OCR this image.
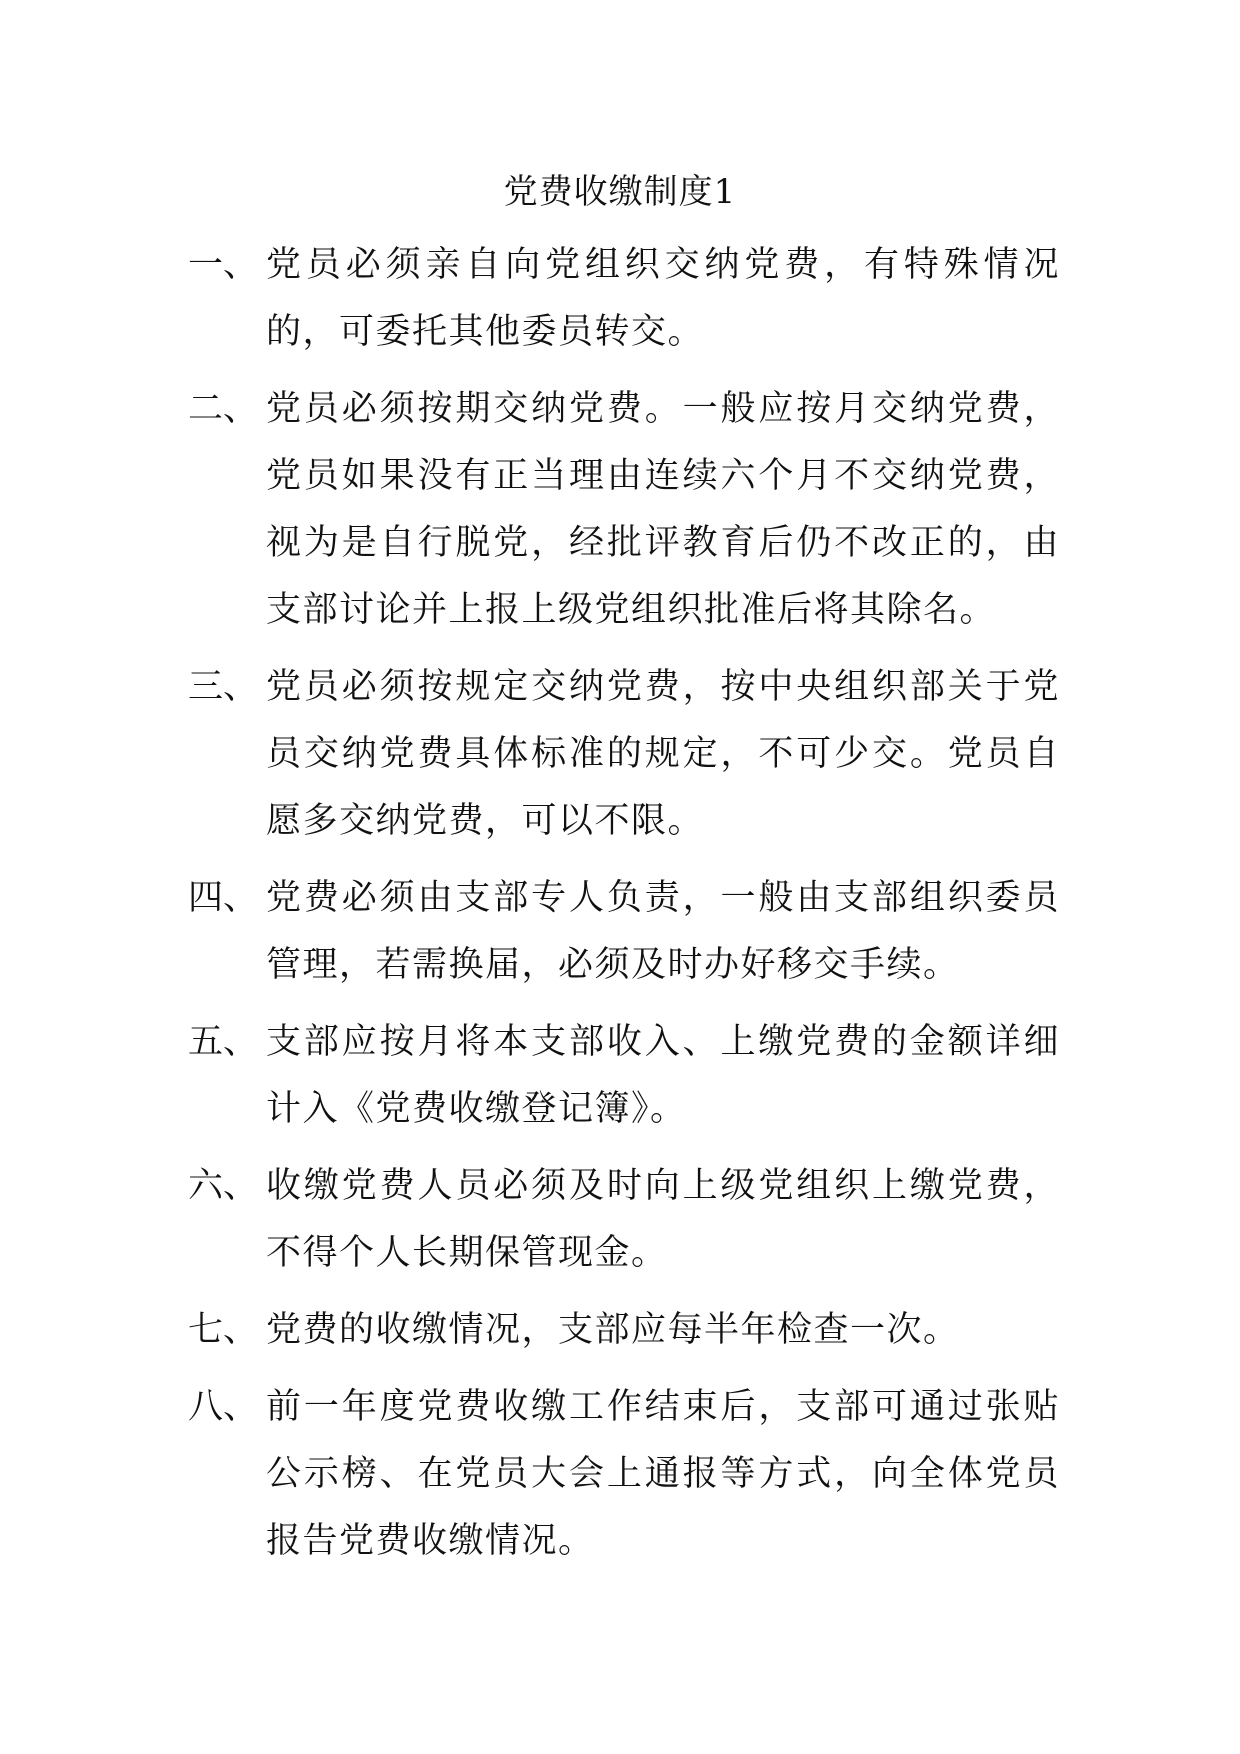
党费收缴制度1
一、 党员必须亲自向党组织交纳党费，有特殊情况的，可委托其他委员转交。
二、 党员必须按期交纳党费。一般应按月交纳党费，党员如果没有正当理由连续六个月不交纳党费，视为是自行脱党，经批评教育后仍不改正的，由支部讨论并上报上级党组织批准后将其除名。
三、 党员必须按规定交纳党费，按中央组织部关于党员交纳党费具体标准的规定，不可少交。党员自愿多交纳党费，可以不限。
四、 党费必须由支部专人负责，一般由支部组织委员管理，若需换届，必须及时办好移交手续。
五、 支部应按月将本支部收入、上缴党费的金额详细计入《党费收缴登记簿》。
六、 收缴党费人员必须及时向上级党组织上缴党费，不得个人长期保管现金。
七、 党费的收缴情况，支部应每半年检查一次。
八、 前一年度党费收缴工作结束后，支部可通过张贴公示榜、在党员大会上通报等方式，向全体党员报告党费收缴情况。
